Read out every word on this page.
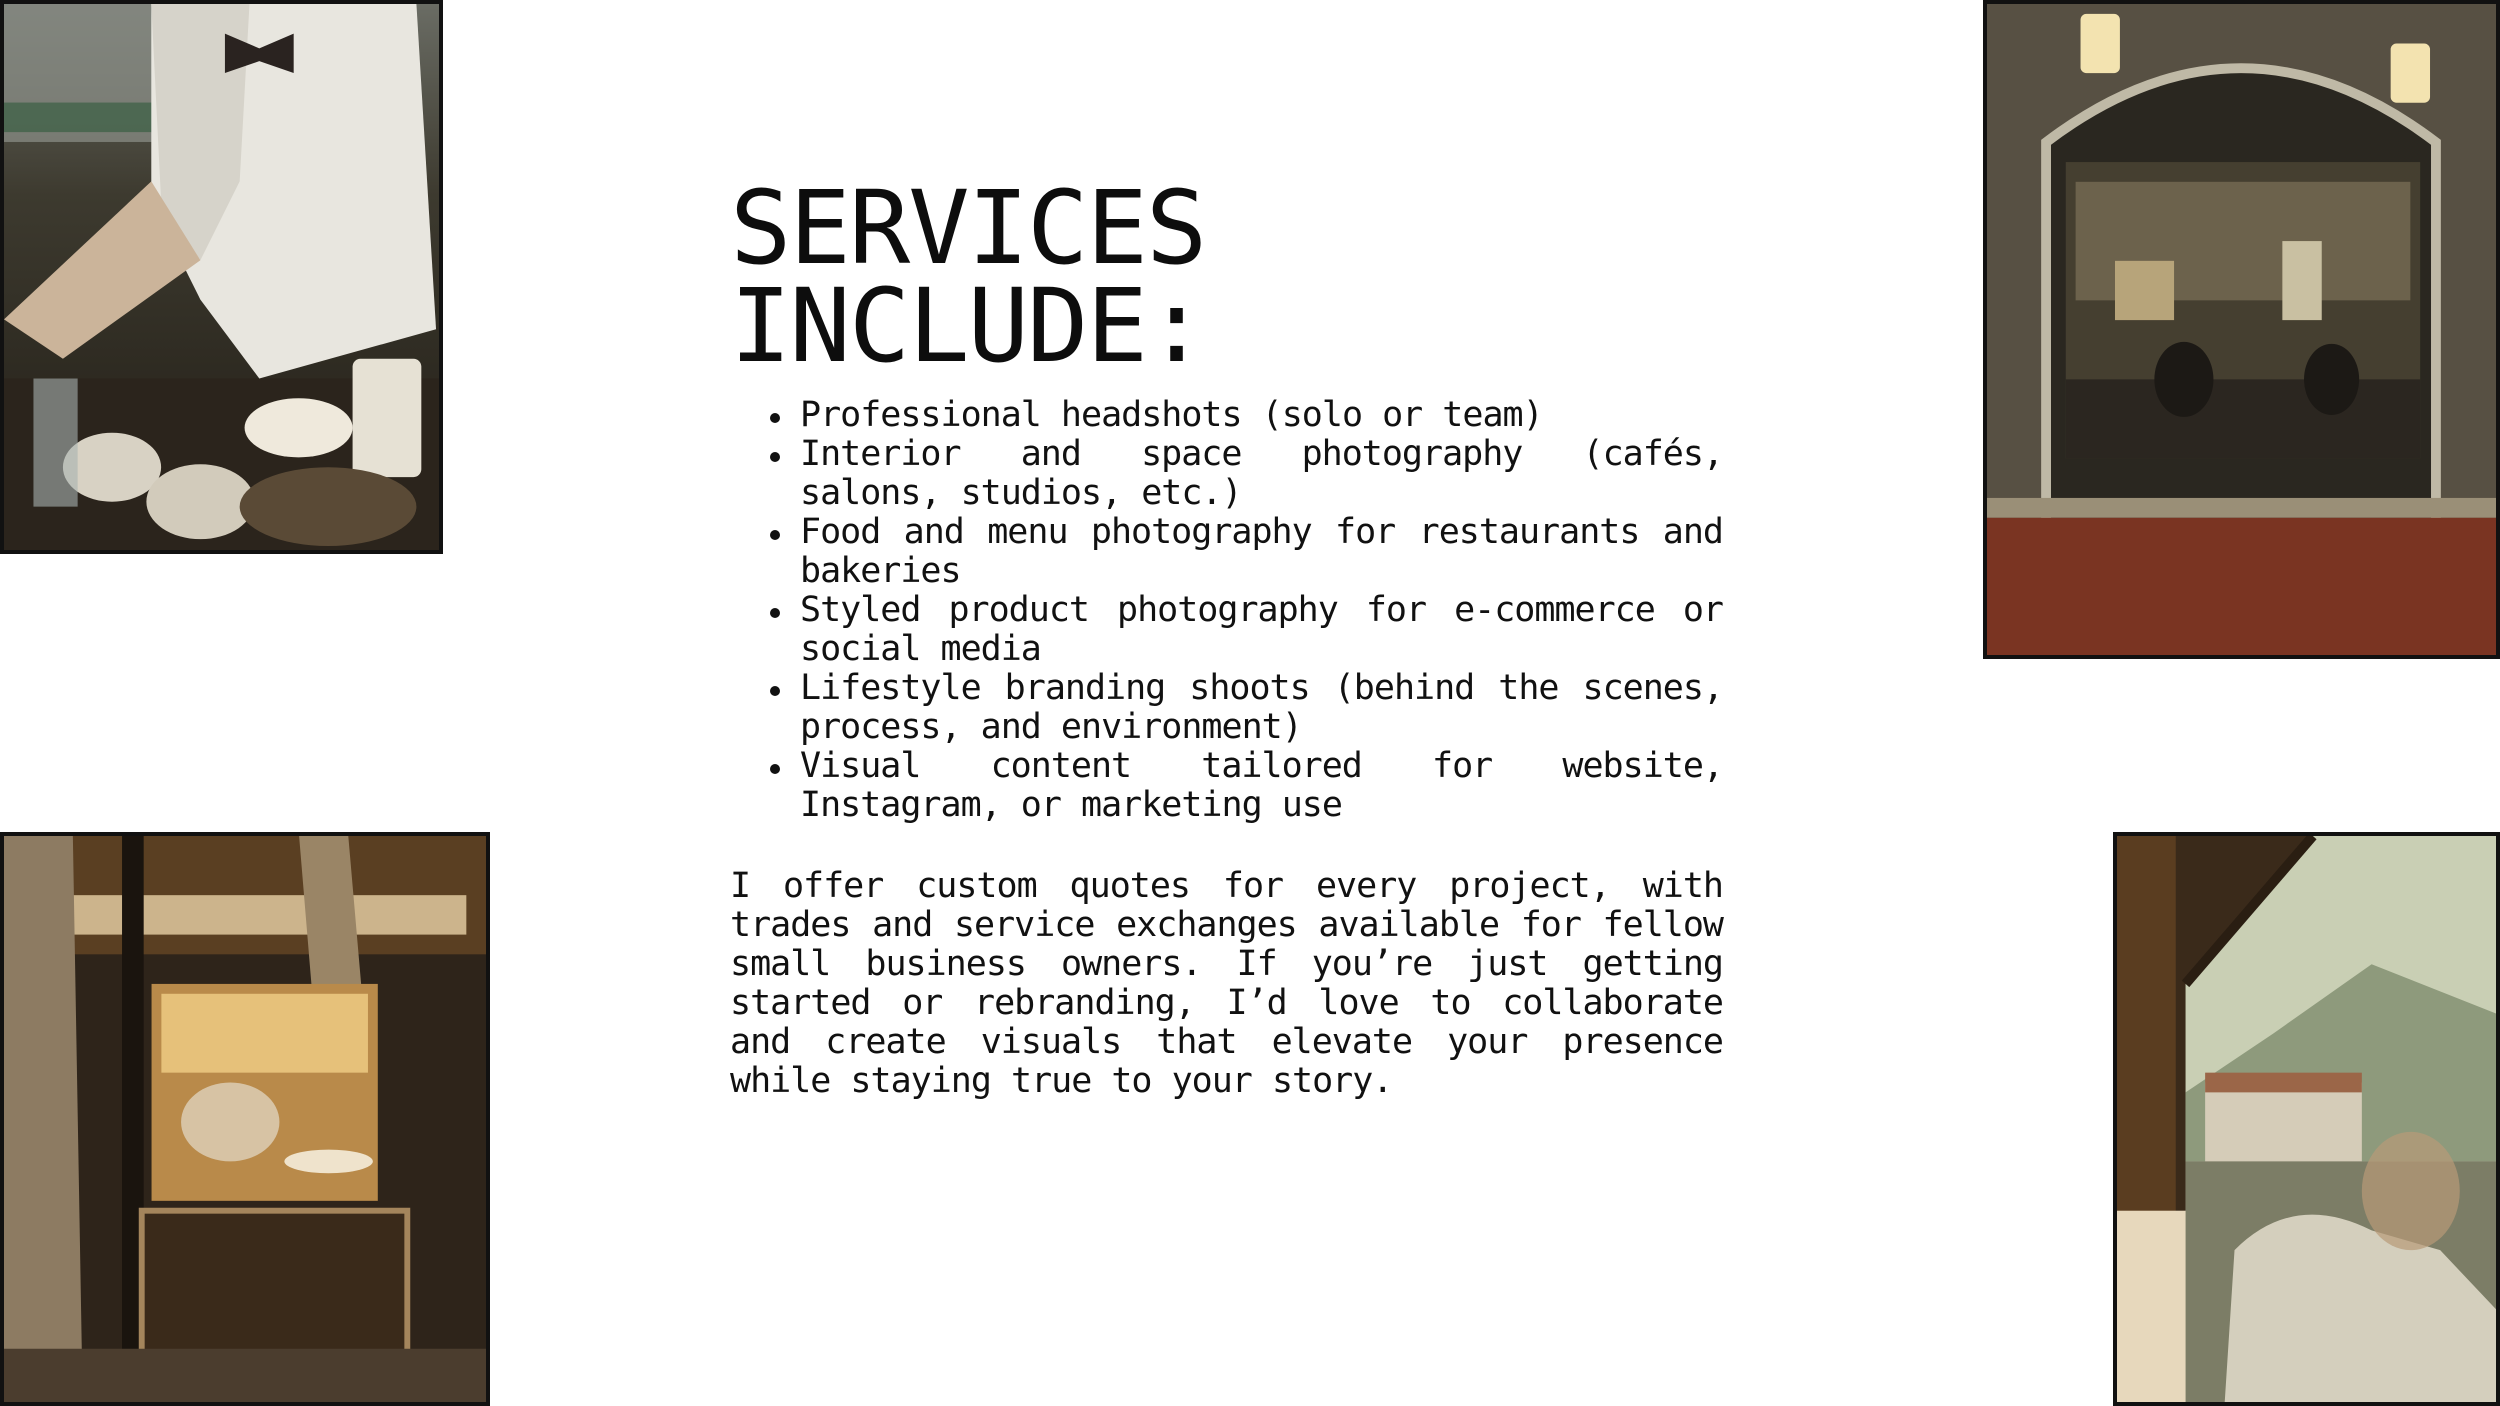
SERVICES
INCLUDE:
Professional headshots (solo or team)
Interior and space photography (cafés, salons, studios, etc.)
Food and menu photography for restaurants and bakeries
Styled product photography for e-commerce or social media
Lifestyle branding shoots (behind the scenes, process, and environment)
Visual content tailored for website, Instagram, or marketing use

I offer custom quotes for every project, with trades and service exchanges available for fellow small business owners. If you’re just getting started or rebranding, I’d love to collaborate and create visuals that elevate your presence while staying true to your story.
